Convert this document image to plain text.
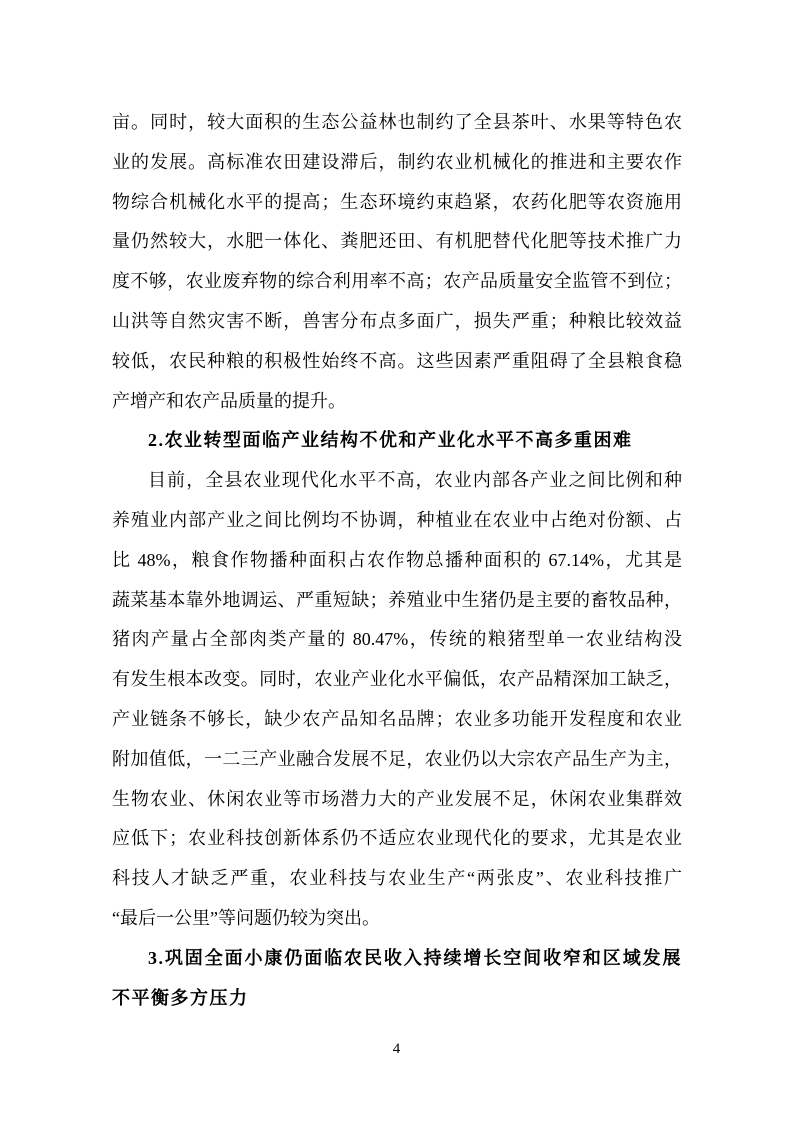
亩。同时，较大面积的生态公益林也制约了全县茶叶、水果等特色农
业的发展。高标准农田建设滞后，制约农业机械化的推进和主要农作
物综合机械化水平的提高；生态环境约束趋紧，农药化肥等农资施用
量仍然较大，水肥一体化、粪肥还田、有机肥替代化肥等技术推广力
度不够，农业废弃物的综合利用率不高；农产品质量安全监管不到位；
山洪等自然灾害不断，兽害分布点多面广，损失严重；种粮比较效益
较低，农民种粮的积极性始终不高。这些因素严重阻碍了全县粮食稳
产增产和农产品质量的提升。
2.农业转型面临产业结构不优和产业化水平不高多重困难
目前，全县农业现代化水平不高，农业内部各产业之间比例和种
养殖业内部产业之间比例均不协调，种植业在农业中占绝对份额、占
比 48%，粮食作物播种面积占农作物总播种面积的 67.14%，尤其是
蔬菜基本靠外地调运、严重短缺；养殖业中生猪仍是主要的畜牧品种，
猪肉产量占全部肉类产量的 80.47%，传统的粮猪型单一农业结构没
有发生根本改变。同时，农业产业化水平偏低，农产品精深加工缺乏，
产业链条不够长，缺少农产品知名品牌；农业多功能开发程度和农业
附加值低，一二三产业融合发展不足，农业仍以大宗农产品生产为主，
生物农业、休闲农业等市场潜力大的产业发展不足，休闲农业集群效
应低下；农业科技创新体系仍不适应农业现代化的要求，尤其是农业
科技人才缺乏严重，农业科技与农业生产“两张皮”、农业科技推广
“最后一公里”等问题仍较为突出。
3.巩固全面小康仍面临农民收入持续增长空间收窄和区域发展
不平衡多方压力
4
